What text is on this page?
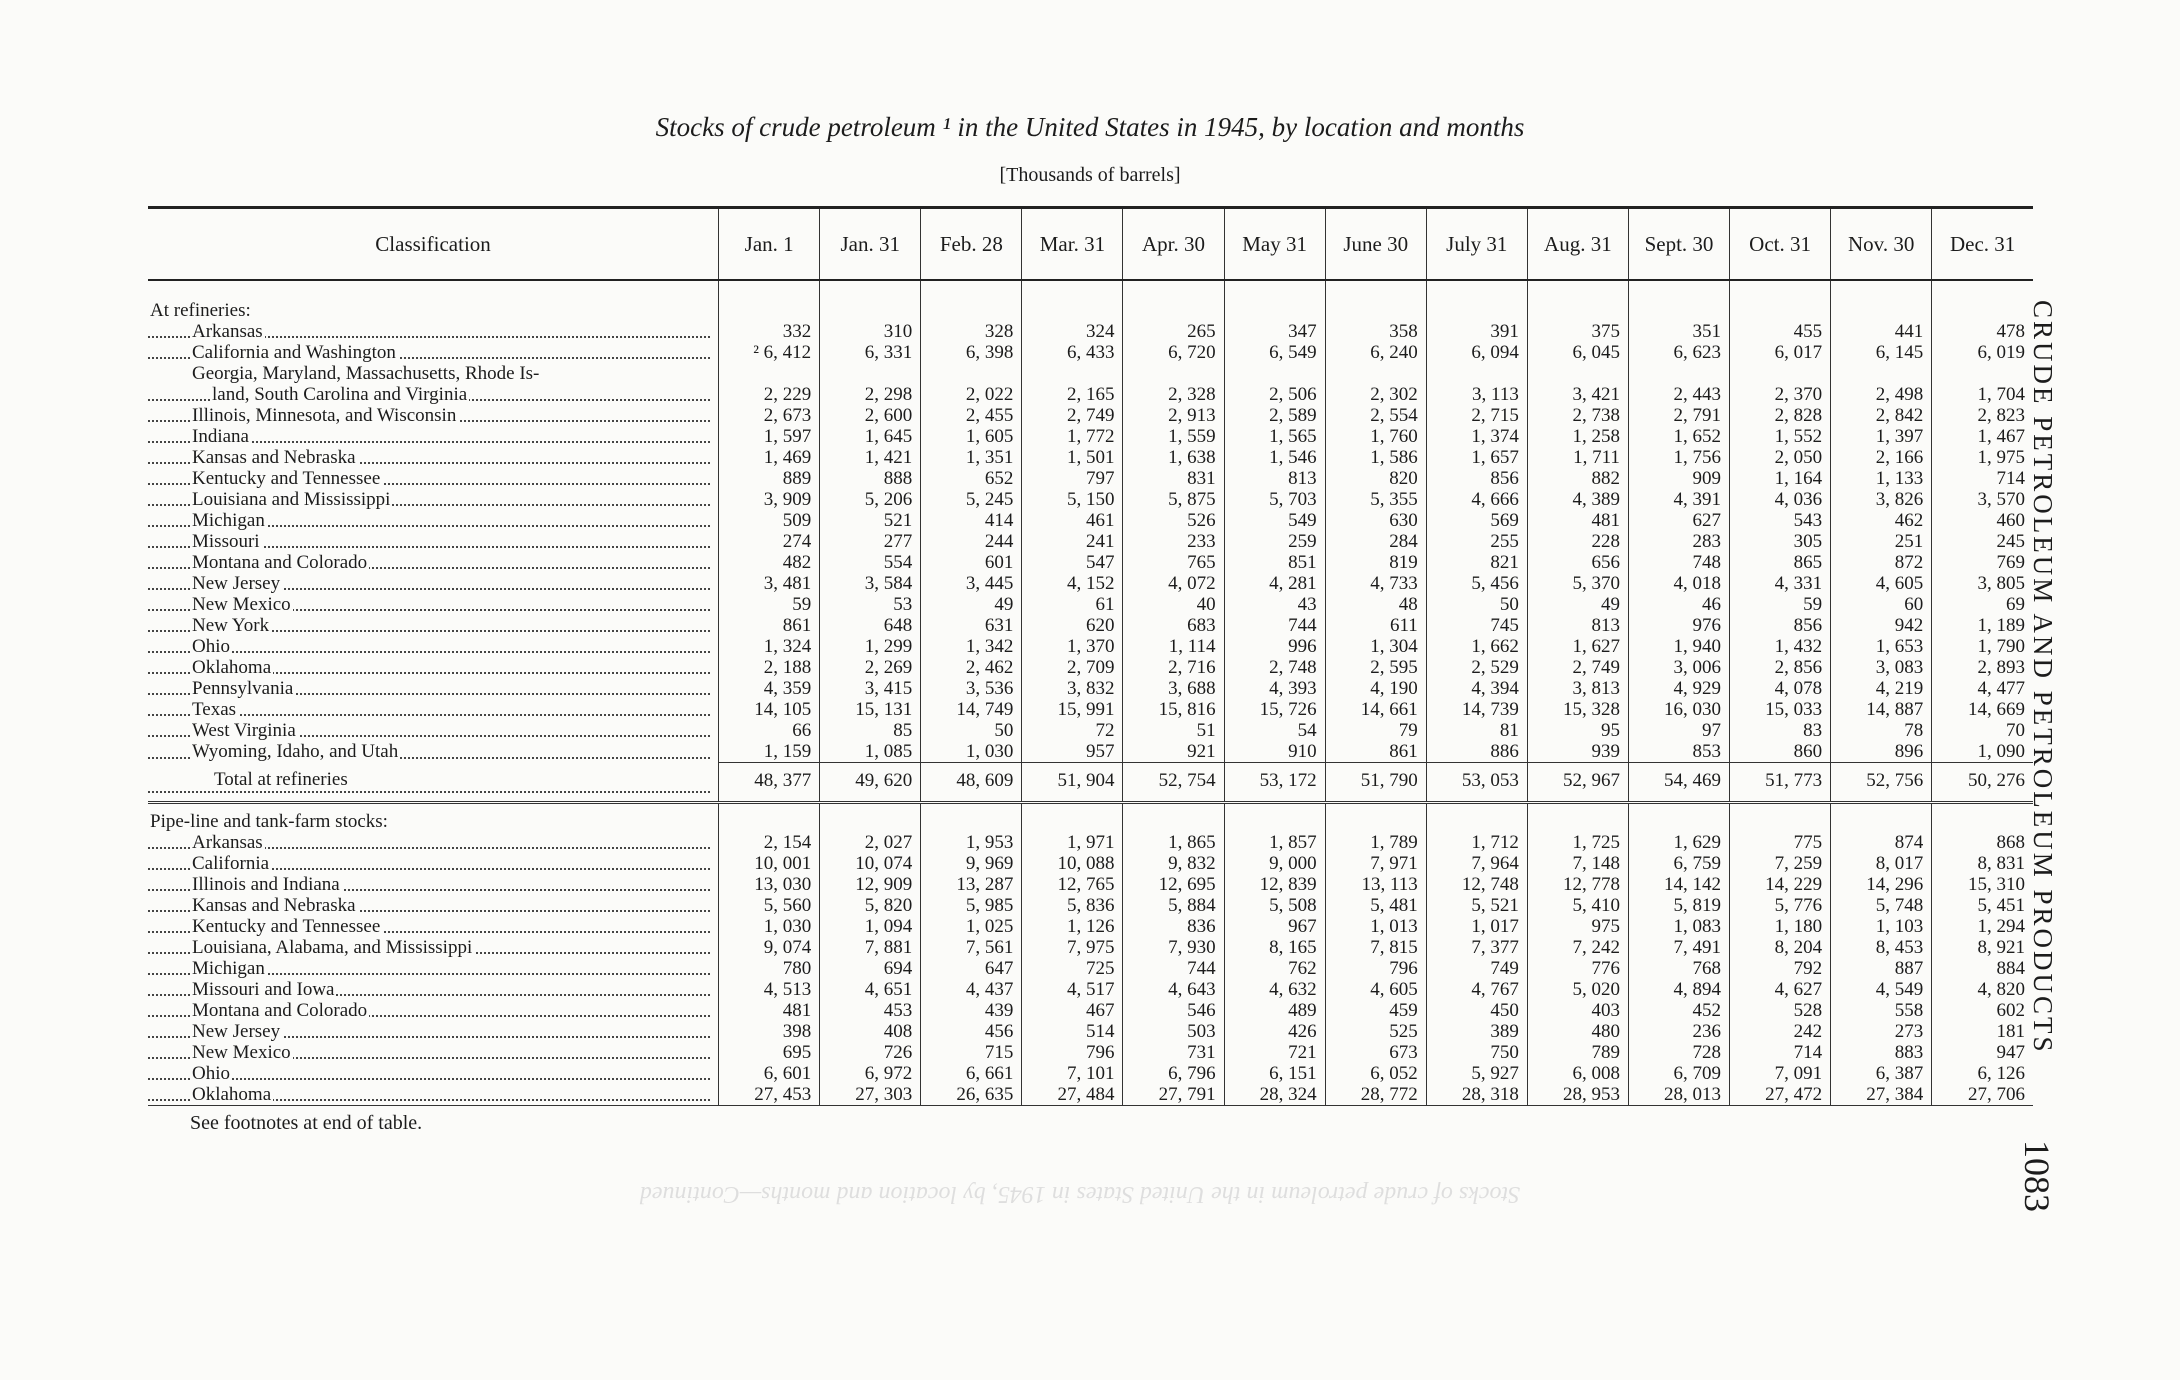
Stocks of crude petroleum in the United States in 1945, by location and months—Continued
Stocks of crude petroleum ¹ in the United States in 1945, by location and months
[Thousands of barrels]
Classification	Jan. 1	Jan. 31	Feb. 28	Mar. 31	Apr. 30	May 31	June 30	July 31	Aug. 31	Sept. 30	Oct. 31	Nov. 30	Dec. 31

At refineries:													
Arkansas	332	310	328	324	265	347	358	391	375	351	455	441	478
California and Washington	² 6, 412	6, 331	6, 398	6, 433	6, 720	6, 549	6, 240	6, 094	6, 045	6, 623	6, 017	6, 145	6, 019
Georgia, Maryland, Massachusetts, Rhode Is-													
land, South Carolina and Virginia	2, 229	2, 298	2, 022	2, 165	2, 328	2, 506	2, 302	3, 113	3, 421	2, 443	2, 370	2, 498	1, 704
Illinois, Minnesota, and Wisconsin	2, 673	2, 600	2, 455	2, 749	2, 913	2, 589	2, 554	2, 715	2, 738	2, 791	2, 828	2, 842	2, 823
Indiana	1, 597	1, 645	1, 605	1, 772	1, 559	1, 565	1, 760	1, 374	1, 258	1, 652	1, 552	1, 397	1, 467
Kansas and Nebraska	1, 469	1, 421	1, 351	1, 501	1, 638	1, 546	1, 586	1, 657	1, 711	1, 756	2, 050	2, 166	1, 975
Kentucky and Tennessee	889	888	652	797	831	813	820	856	882	909	1, 164	1, 133	714
Louisiana and Mississippi	3, 909	5, 206	5, 245	5, 150	5, 875	5, 703	5, 355	4, 666	4, 389	4, 391	4, 036	3, 826	3, 570
Michigan	509	521	414	461	526	549	630	569	481	627	543	462	460
Missouri	274	277	244	241	233	259	284	255	228	283	305	251	245
Montana and Colorado	482	554	601	547	765	851	819	821	656	748	865	872	769
New Jersey	3, 481	3, 584	3, 445	4, 152	4, 072	4, 281	4, 733	5, 456	5, 370	4, 018	4, 331	4, 605	3, 805
New Mexico	59	53	49	61	40	43	48	50	49	46	59	60	69
New York	861	648	631	620	683	744	611	745	813	976	856	942	1, 189
Ohio	1, 324	1, 299	1, 342	1, 370	1, 114	996	1, 304	1, 662	1, 627	1, 940	1, 432	1, 653	1, 790
Oklahoma	2, 188	2, 269	2, 462	2, 709	2, 716	2, 748	2, 595	2, 529	2, 749	3, 006	2, 856	3, 083	2, 893
Pennsylvania	4, 359	3, 415	3, 536	3, 832	3, 688	4, 393	4, 190	4, 394	3, 813	4, 929	4, 078	4, 219	4, 477
Texas	14, 105	15, 131	14, 749	15, 991	15, 816	15, 726	14, 661	14, 739	15, 328	16, 030	15, 033	14, 887	14, 669
West Virginia	66	85	50	72	51	54	79	81	95	97	83	78	70
Wyoming, Idaho, and Utah	1, 159	1, 085	1, 030	957	921	910	861	886	939	853	860	896	1, 090
Total at refineries	48, 377	49, 620	48, 609	51, 904	52, 754	53, 172	51, 790	53, 053	52, 967	54, 469	51, 773	52, 756	50, 276

Pipe-line and tank-farm stocks:													
Arkansas	2, 154	2, 027	1, 953	1, 971	1, 865	1, 857	1, 789	1, 712	1, 725	1, 629	775	874	868
California	10, 001	10, 074	9, 969	10, 088	9, 832	9, 000	7, 971	7, 964	7, 148	6, 759	7, 259	8, 017	8, 831
Illinois and Indiana	13, 030	12, 909	13, 287	12, 765	12, 695	12, 839	13, 113	12, 748	12, 778	14, 142	14, 229	14, 296	15, 310
Kansas and Nebraska	5, 560	5, 820	5, 985	5, 836	5, 884	5, 508	5, 481	5, 521	5, 410	5, 819	5, 776	5, 748	5, 451
Kentucky and Tennessee	1, 030	1, 094	1, 025	1, 126	836	967	1, 013	1, 017	975	1, 083	1, 180	1, 103	1, 294
Louisiana, Alabama, and Mississippi	9, 074	7, 881	7, 561	7, 975	7, 930	8, 165	7, 815	7, 377	7, 242	7, 491	8, 204	8, 453	8, 921
Michigan	780	694	647	725	744	762	796	749	776	768	792	887	884
Missouri and Iowa	4, 513	4, 651	4, 437	4, 517	4, 643	4, 632	4, 605	4, 767	5, 020	4, 894	4, 627	4, 549	4, 820
Montana and Colorado	481	453	439	467	546	489	459	450	403	452	528	558	602
New Jersey	398	408	456	514	503	426	525	389	480	236	242	273	181
New Mexico	695	726	715	796	731	721	673	750	789	728	714	883	947
Ohio	6, 601	6, 972	6, 661	7, 101	6, 796	6, 151	6, 052	5, 927	6, 008	6, 709	7, 091	6, 387	6, 126
Oklahoma	27, 453	27, 303	26, 635	27, 484	27, 791	28, 324	28, 772	28, 318	28, 953	28, 013	27, 472	27, 384	27, 706
See footnotes at end of table.
CRUDE PETROLEUM AND PETROLEUM PRODUCTS
1083
